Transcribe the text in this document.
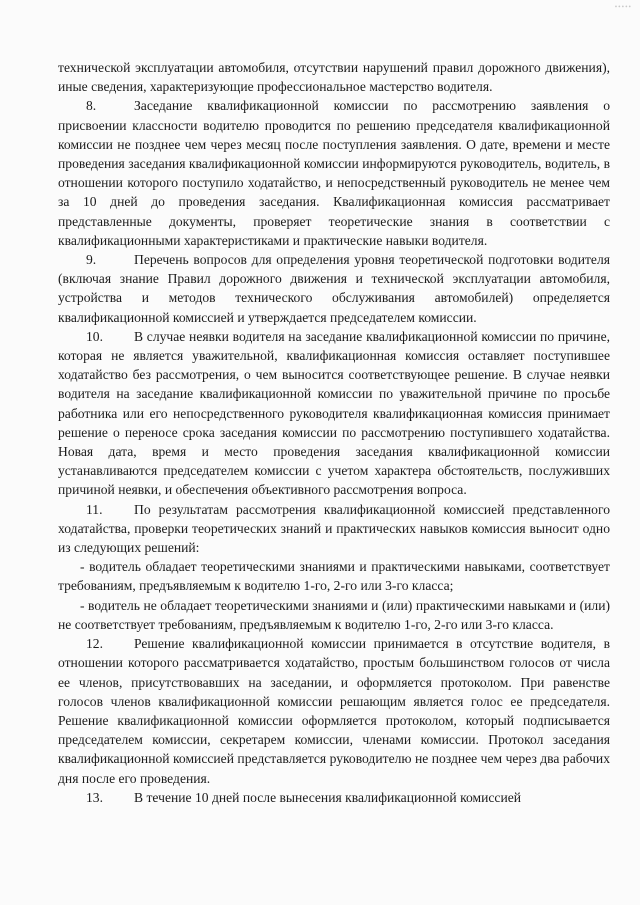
•••••

технической эксплуатации автомобиля, отсутствии нарушений правил дорожного движения), иные сведения, характеризующие профессиональное мастерство водителя.

8.	Заседание квалификационной комиссии по рассмотрению заявления о присвоении классности водителю проводится по решению председателя квалификационной комиссии не позднее чем через месяц после поступления заявления. О дате, времени и месте проведения заседания квалификационной комиссии информируются руководитель, водитель, в отношении которого поступило ходатайство, и непосредственный руководитель не менее чем за 10 дней до проведения заседания. Квалификационная комиссия рассматривает представленные документы, проверяет теоретические знания в соответствии с квалификационными характеристиками и практические навыки водителя.

9.	Перечень вопросов для определения уровня теоретической подготовки водителя (включая знание Правил дорожного движения и технической эксплуатации автомобиля, устройства и методов технического обслуживания автомобилей) определяется квалификационной комиссией и утверждается председателем комиссии.

10. В случае неявки водителя на заседание квалификационной комиссии по причине, которая не является уважительной, квалификационная комиссия оставляет поступившее ходатайство без рассмотрения, о чем выносится соответствующее решение. В случае неявки водителя на заседание квалификационной комиссии по уважительной причине по просьбе работника или его непосредственного руководителя квалификационная комиссия принимает решение о переносе срока заседания комиссии по рассмотрению поступившего ходатайства. Новая дата, время и место проведения заседания квалификационной комиссии устанавливаются председателем комиссии с учетом характера обстоятельств, послуживших причиной неявки, и обеспечения объективного рассмотрения вопроса.

11. По результатам рассмотрения квалификационной комиссией представленного ходатайства, проверки теоретических знаний и практических навыков комиссия выносит одно из следующих решений:

- водитель обладает теоретическими знаниями и практическими навыками, соответствует требованиям, предъявляемым к водителю 1-го, 2-го или 3-го класса;

- водитель не обладает теоретическими знаниями и (или) практическими навыками и (или) не соответствует требованиям, предъявляемым к водителю 1-го, 2-го или 3-го класса.

12. Решение квалификационной комиссии принимается в отсутствие водителя, в отношении которого рассматривается ходатайство, простым большинством голосов от числа ее членов, присутствовавших на заседании, и оформляется протоколом. При равенстве голосов членов квалификационной комиссии решающим является голос ее председателя. Решение квалификационной комиссии оформляется протоколом, который подписывается председателем комиссии, секретарем комиссии, членами комиссии. Протокол заседания квалификационной комиссией представляется руководителю не позднее чем через два рабочих дня после его проведения.

13. В течение 10 дней после вынесения квалификационной комиссией
